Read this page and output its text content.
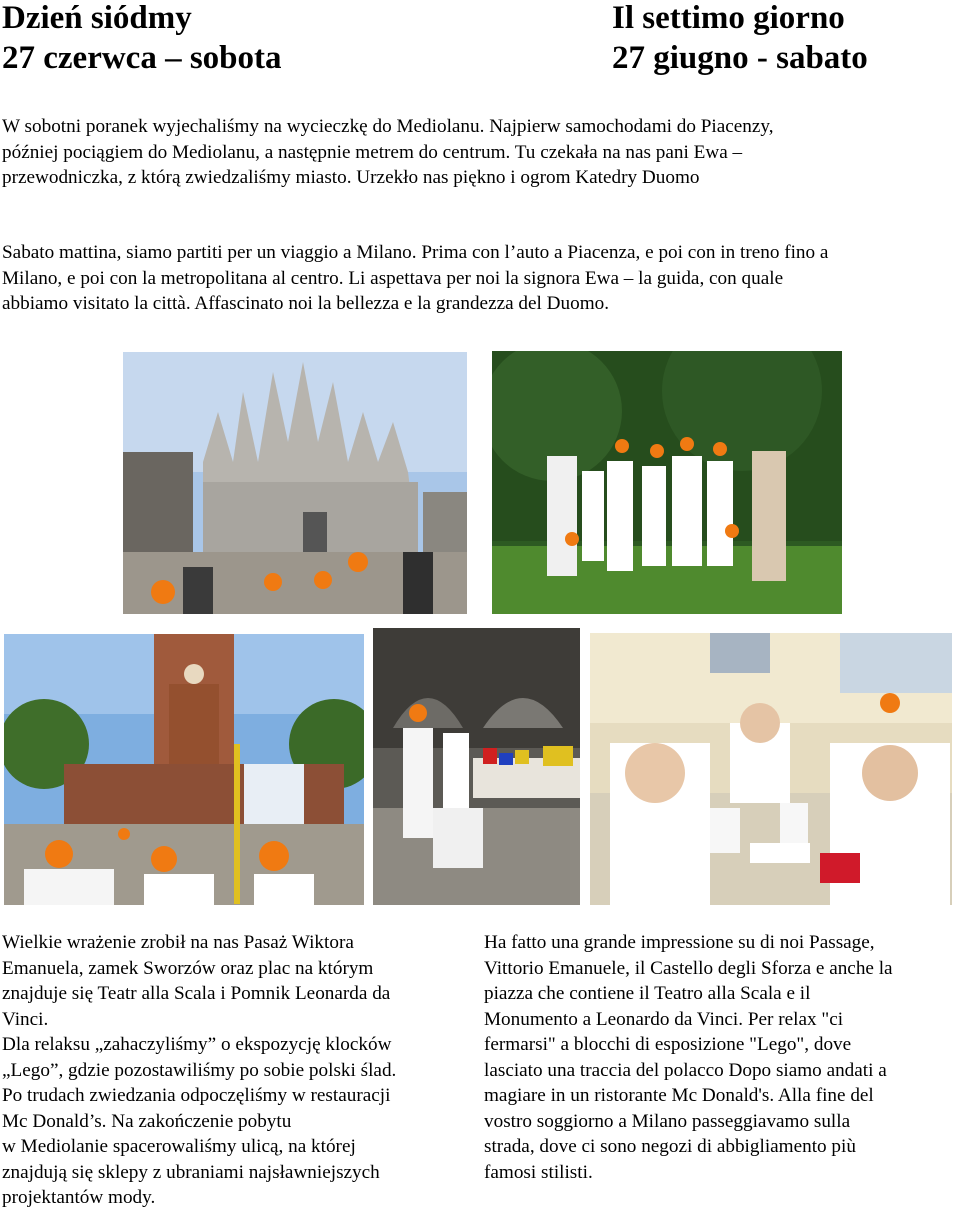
Dzień siódmy
27 czerwca – sobota
Il settimo giorno
27 giugno - sabato
W sobotni poranek wyjechaliśmy na wycieczkę do Mediolanu. Najpierw samochodami do Piacenzy,
później pociągiem do Mediolanu, a następnie metrem do centrum. Tu czekała na nas pani Ewa –
przewodniczka, z którą zwiedzaliśmy miasto. Urzekło nas piękno i ogrom Katedry Duomo
Sabato mattina, siamo partiti per un viaggio a Milano. Prima con l’auto a Piacenza, e poi con in treno fino a
Milano, e poi con la metropolitana al centro. Li aspettava per noi la signora Ewa – la guida, con quale
abbiamo visitato la città. Affascinato noi la bellezza e la grandezza del Duomo.
Wielkie wrażenie zrobił na nas Pasaż Wiktora
Emanuela, zamek Sworzów oraz plac na którym
znajduje się Teatr alla Scala i Pomnik Leonarda da
Vinci.
Dla relaksu „zahaczyliśmy” o ekspozycję klocków
„Lego”, gdzie pozostawiliśmy po sobie polski ślad.
Po trudach zwiedzania odpoczęliśmy w restauracji
Mc Donald’s. Na zakończenie pobytu
w Mediolanie spacerowaliśmy ulicą, na której
znajdują się sklepy z ubraniami najsławniejszych
projektantów mody.
Ha fatto una grande impressione su di noi Passage,
Vittorio Emanuele, il Castello degli Sforza e anche la
piazza che contiene il Teatro alla Scala e il
Monumento a Leonardo da Vinci. Per relax "ci
fermarsi" a blocchi di esposizione "Lego", dove
lasciato una traccia del polacco Dopo siamo andati a
magiare in un ristorante Mc Donald's. Alla fine del
vostro soggiorno a Milano passeggiavamo sulla
strada, dove ci sono negozi di abbigliamento più
famosi stilisti.
